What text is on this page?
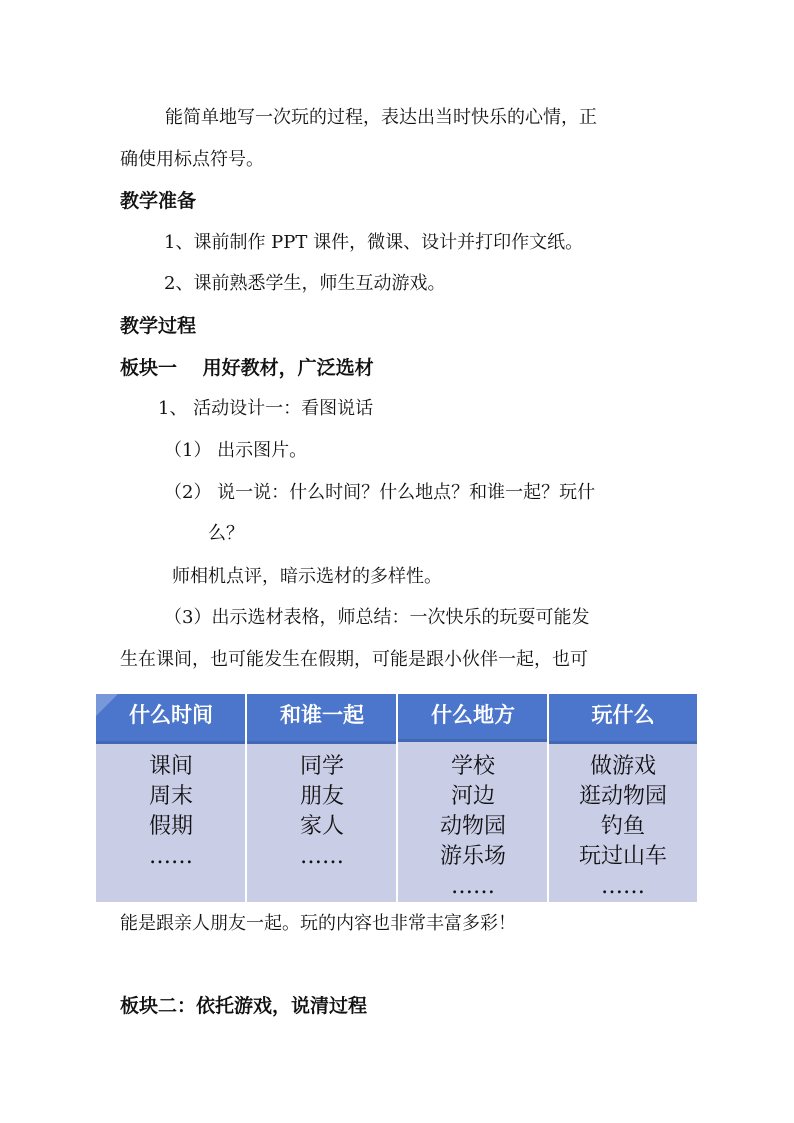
能简单地写一次玩的过程，表达出当时快乐的心情，正
确使用标点符号。
教学准备
1、课前制作 PPT 课件，微课、设计并打印作文纸。
2、课前熟悉学生，师生互动游戏。
教学过程
板块一　 用好教材，广泛选材
1、 活动设计一：看图说话
（1） 出示图片。
（2） 说一说：什么时间？什么地点？和谁一起？玩什
么？
师相机点评，暗示选材的多样性。
（3）出示选材表格，师总结：一次快乐的玩耍可能发
生在课间，也可能发生在假期，可能是跟小伙伴一起，也可
什么时间
课间
周末
假期
……
和谁一起
同学
朋友
家人
……
什么地方
学校
河边
动物园
游乐场
……
玩什么
做游戏
逛动物园
钓鱼
玩过山车
……
能是跟亲人朋友一起。玩的内容也非常丰富多彩！
板块二：依托游戏，说清过程
